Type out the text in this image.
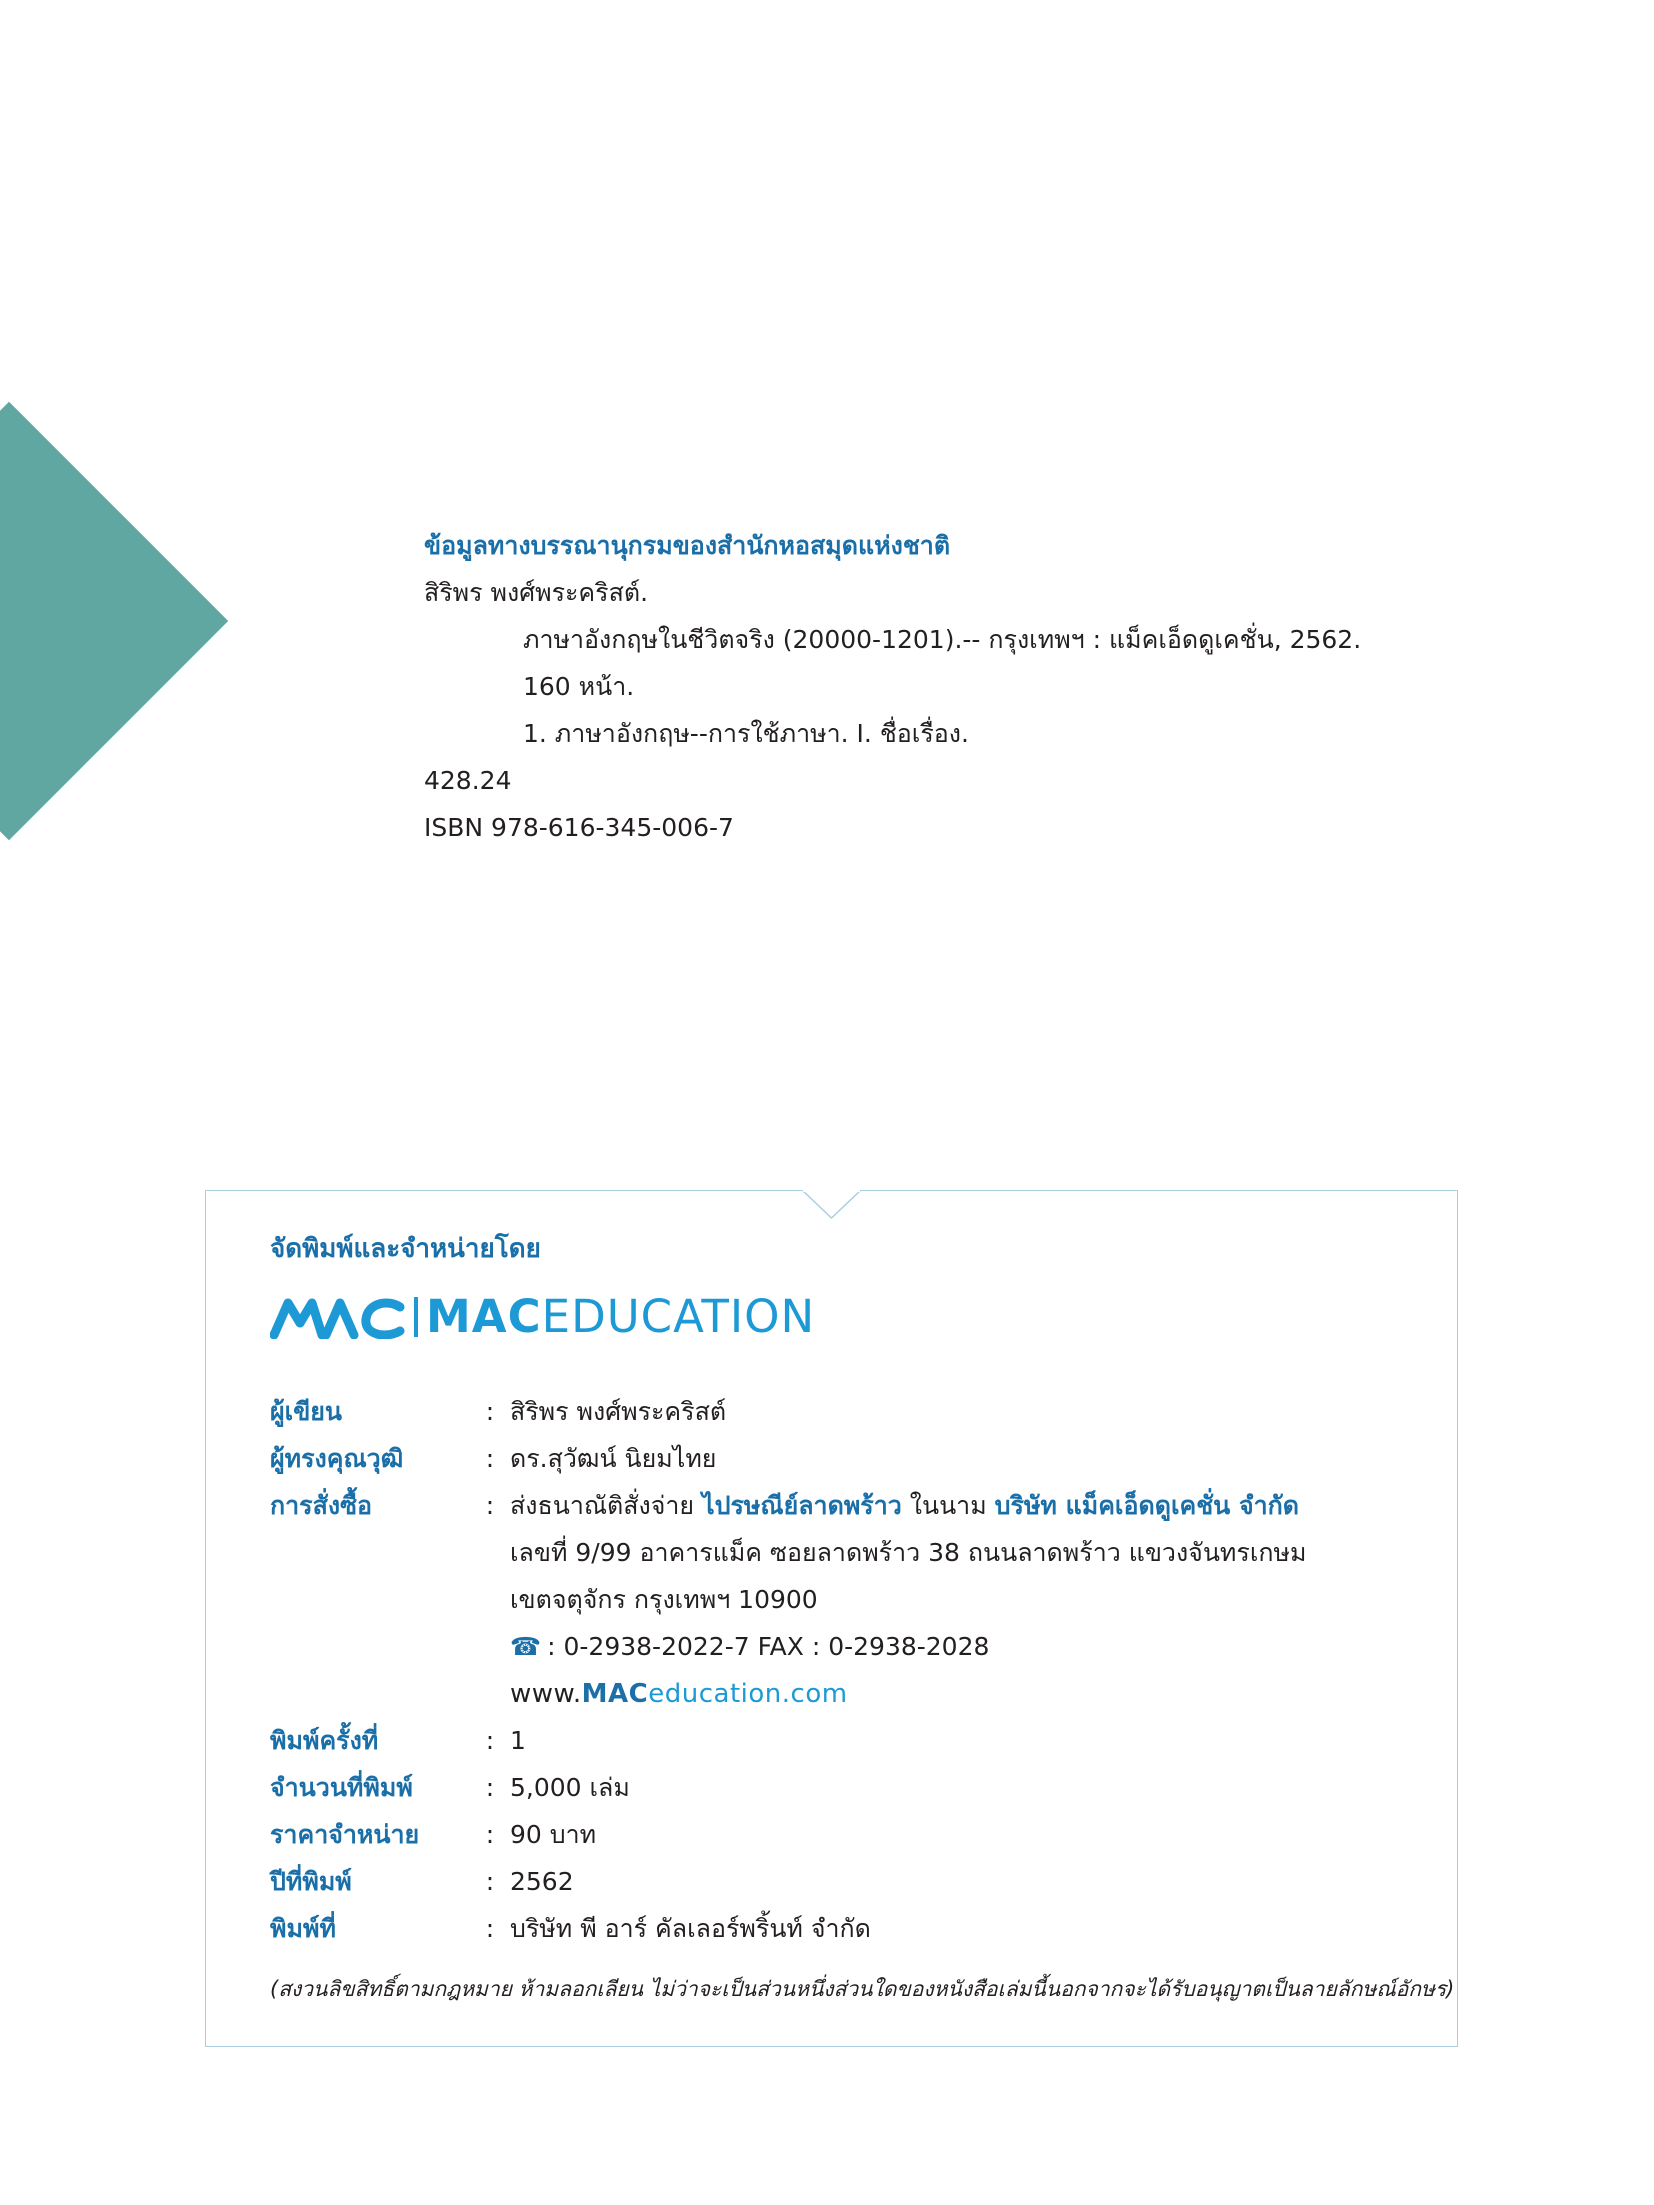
ข้อมูลทางบรรณานุกรมของสำนักหอสมุดแห่งชาติ
สิริพร พงศ์พระคริสต์.
ภาษาอังกฤษในชีวิตจริง (20000-1201).-- กรุงเทพฯ : แม็คเอ็ดดูเคชั่น, 2562.
160 หน้า.
1. ภาษาอังกฤษ--การใช้ภาษา. I. ชื่อเรื่อง.
428.24
ISBN 978-616-345-006-7
จัดพิมพ์และจำหน่ายโดย
MACEDUCATION
ผู้เขียน	: สิริพร พงศ์พระคริสต์
ผู้ทรงคุณวุฒิ	: ดร.สุวัฒน์ นิยมไทย
การสั่งซื้อ	: ส่งธนาณัติสั่งจ่าย ไปรษณีย์ลาดพร้าว ในนาม บริษัท แม็คเอ็ดดูเคชั่น จำกัด
เลขที่ 9/99 อาคารแม็ค ซอยลาดพร้าว 38 ถนนลาดพร้าว แขวงจันทรเกษม
เขตจตุจักร กรุงเทพฯ 10900
☎ : 0-2938-2022-7 FAX : 0-2938-2028
www. MAC education.com
พิมพ์ครั้งที่	: 1
จำนวนที่พิมพ์	: 5,000 เล่ม
ราคาจำหน่าย	: 90 บาท
ปีที่พิมพ์	: 2562
พิมพ์ที่	: บริษัท พี อาร์ คัลเลอร์พริ้นท์ จำกัด
(สงวนลิขสิทธิ์ตามกฎหมาย ห้ามลอกเลียน ไม่ว่าจะเป็นส่วนหนึ่งส่วนใดของหนังสือเล่มนี้นอกจากจะได้รับอนุญาตเป็นลายลักษณ์อักษร)
